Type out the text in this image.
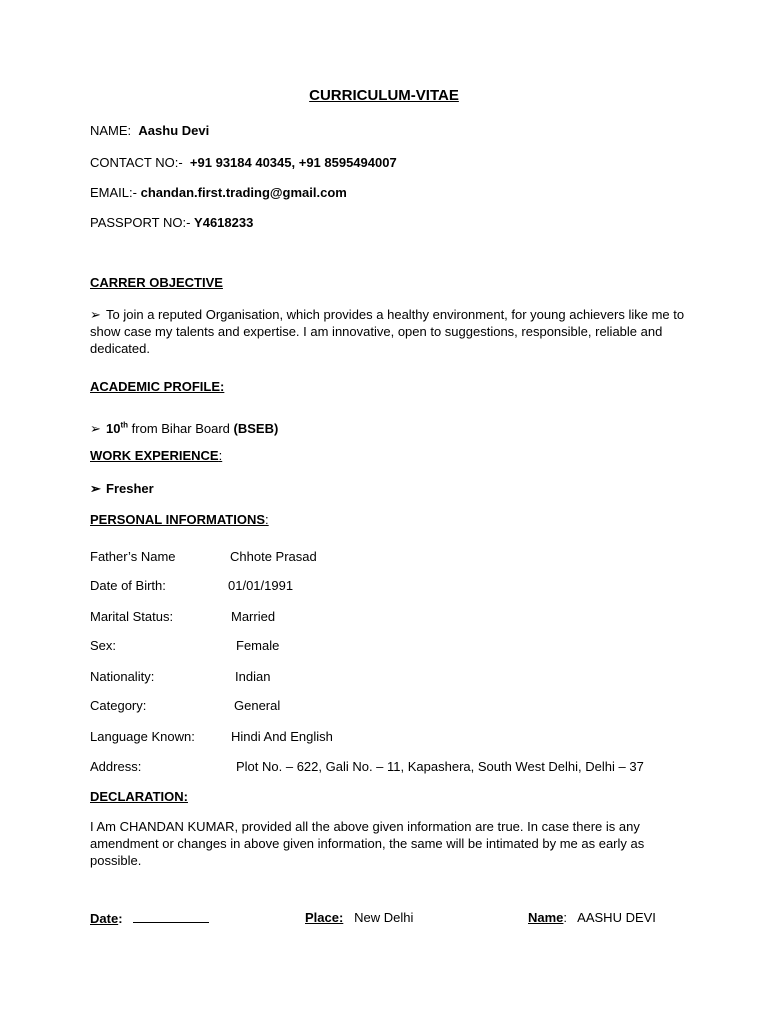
CURRICULUM-VITAE
NAME: Aashu Devi
CONTACT NO:- +91 93184 40345, +91 8595494007
EMAIL:- chandan.first.trading@gmail.com
PASSPORT NO:- Y4618233
CARRER OBJECTIVE
➢ To join a reputed Organisation, which provides a healthy environment, for young achievers like me to show case my talents and expertise. I am innovative, open to suggestions, responsible, reliable and dedicated.
ACADEMIC PROFILE:
➢ 10th from Bihar Board (BSEB)
WORK EXPERIENCE:
➢ Fresher
PERSONAL INFORMATIONS:
Father’s Name	Chhote Prasad
Date of Birth:	01/01/1991
Marital Status:	Married
Sex:	Female
Nationality:	Indian
Category:	General
Language Known:	Hindi And English
Address:	Plot No. – 622, Gali No. – 11, Kapashera, South West Delhi, Delhi – 37
DECLARATION:
I Am CHANDAN KUMAR, provided all the above given information are true. In case there is any amendment or changes in above given information, the same will be intimated by me as early as possible.
Date:	Place: New Delhi	Name: AASHU DEVI
